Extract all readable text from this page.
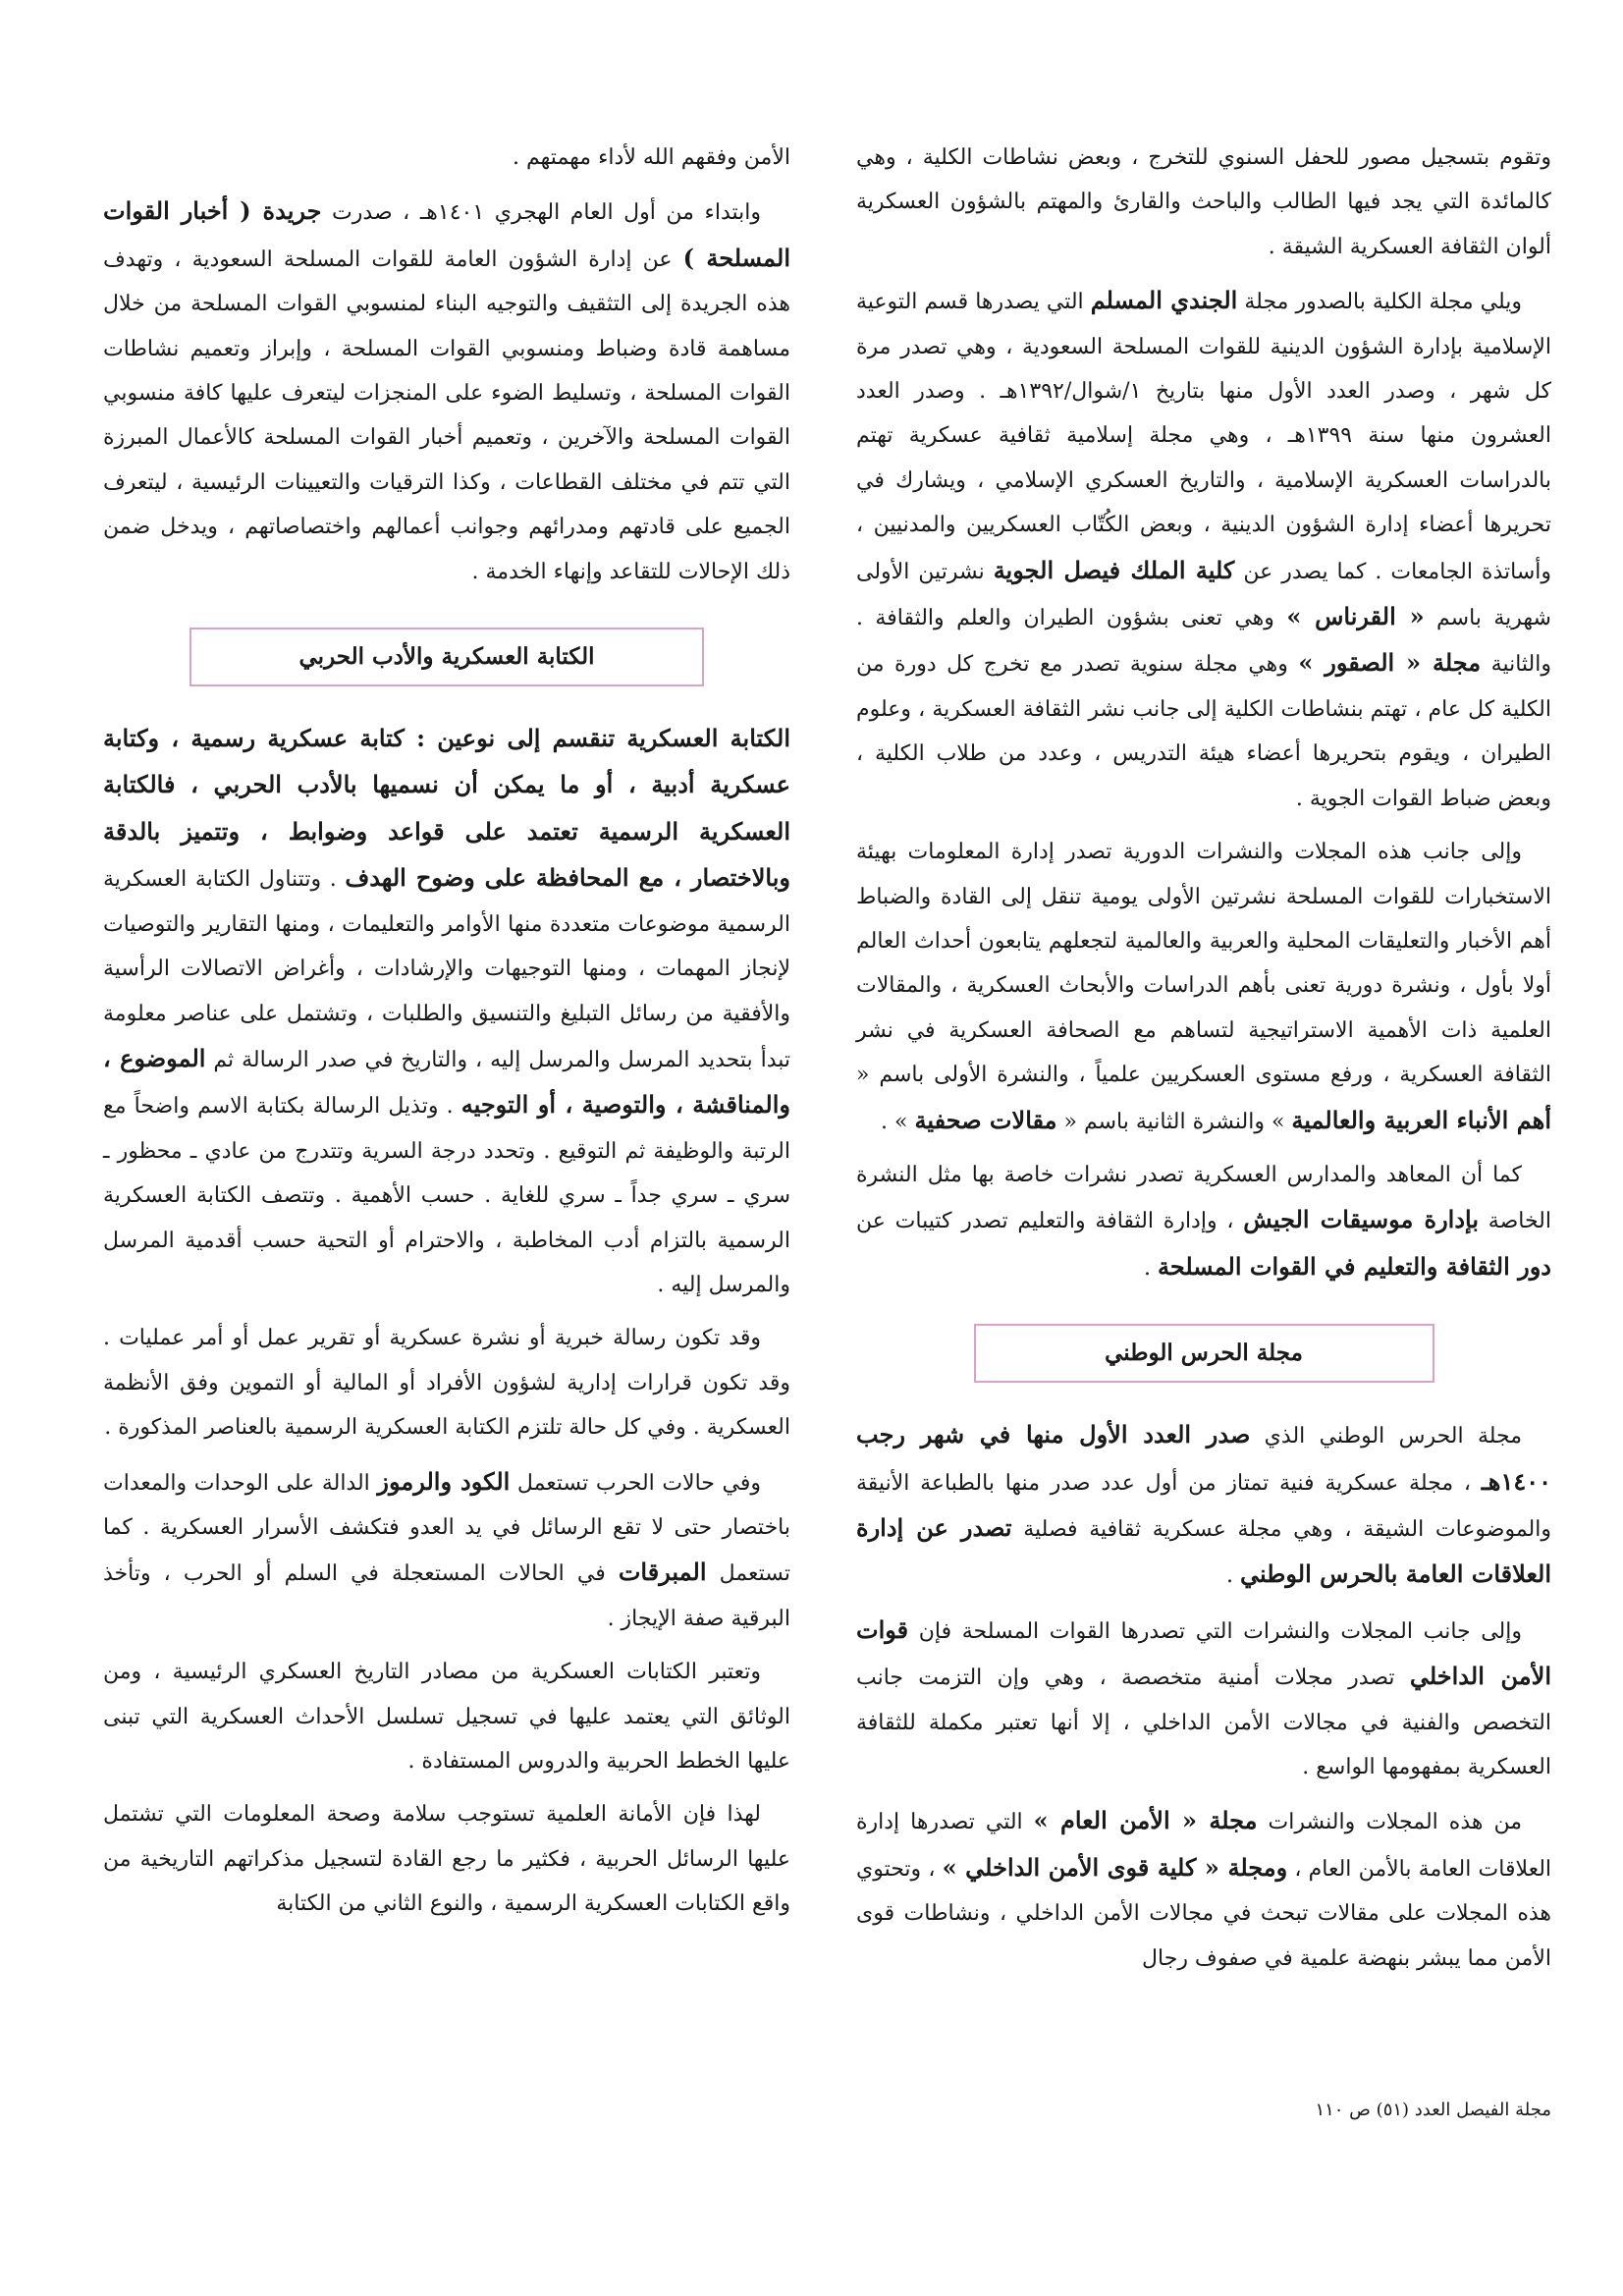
وتقوم بتسجيل مصور للحفل السنوي للتخرج ، وبعض نشاطات الكلية ، وهي كالمائدة التي يجد فيها الطالب والباحث والقارئ والمهتم بالشؤون العسكرية ألوان الثقافة العسكرية الشيقة .

ويلي مجلة الكلية بالصدور مجلة الجندي المسلم التي يصدرها قسم التوعية الإسلامية بإدارة الشؤون الدينية للقوات المسلحة السعودية ، وهي تصدر مرة كل شهر ، وصدر العدد الأول منها بتاريخ ١/شوال/١٣٩٢هـ . وصدر العدد العشرون منها سنة ١٣٩٩هـ ، وهي مجلة إسلامية ثقافية عسكرية تهتم بالدراسات العسكرية الإسلامية ، والتاريخ العسكري الإسلامي ، ويشارك في تحريرها أعضاء إدارة الشؤون الدينية ، وبعض الكُتّاب العسكريين والمدنيين ، وأساتذة الجامعات . كما يصدر عن كلية الملك فيصل الجوية نشرتين الأولى شهرية باسم « القرناس » وهي تعنى بشؤون الطيران والعلم والثقافة . والثانية مجلة « الصقور » وهي مجلة سنوية تصدر مع تخرج كل دورة من الكلية كل عام ، تهتم بنشاطات الكلية إلى جانب نشر الثقافة العسكرية ، وعلوم الطيران ، ويقوم بتحريرها أعضاء هيئة التدريس ، وعدد من طلاب الكلية ، وبعض ضباط القوات الجوية .

وإلى جانب هذه المجلات والنشرات الدورية تصدر إدارة المعلومات بهيئة الاستخبارات للقوات المسلحة نشرتين الأولى يومية تنقل إلى القادة والضباط أهم الأخبار والتعليقات المحلية والعربية والعالمية لتجعلهم يتابعون أحداث العالم أولا بأول ، ونشرة دورية تعنى بأهم الدراسات والأبحاث العسكرية ، والمقالات العلمية ذات الأهمية الاستراتيجية لتساهم مع الصحافة العسكرية في نشر الثقافة العسكرية ، ورفع مستوى العسكريين علمياً ، والنشرة الأولى باسم « أهم الأنباء العربية والعالمية » والنشرة الثانية باسم « مقالات صحفية » .

كما أن المعاهد والمدارس العسكرية تصدر نشرات خاصة بها مثل النشرة الخاصة بإدارة موسيقات الجيش ، وإدارة الثقافة والتعليم تصدر كتيبات عن دور الثقافة والتعليم في القوات المسلحة .

مجلة الحرس الوطني

مجلة الحرس الوطني الذي صدر العدد الأول منها في شهر رجب ١٤٠٠هـ ، مجلة عسكرية فنية تمتاز من أول عدد صدر منها بالطباعة الأنيقة والموضوعات الشيقة ، وهي مجلة عسكرية ثقافية فصلية تصدر عن إدارة العلاقات العامة بالحرس الوطني .

وإلى جانب المجلات والنشرات التي تصدرها القوات المسلحة فإن قوات الأمن الداخلي تصدر مجلات أمنية متخصصة ، وهي وإن التزمت جانب التخصص والفنية في مجالات الأمن الداخلي ، إلا أنها تعتبر مكملة للثقافة العسكرية بمفهومها الواسع .

من هذه المجلات والنشرات مجلة « الأمن العام » التي تصدرها إدارة العلاقات العامة بالأمن العام ، ومجلة « كلية قوى الأمن الداخلي » ، وتحتوي هذه المجلات على مقالات تبحث في مجالات الأمن الداخلي ، ونشاطات قوى الأمن مما يبشر بنهضة علمية في صفوف رجال

الأمن وفقهم الله لأداء مهمتهم .

وابتداء من أول العام الهجري ١٤٠١هـ ، صدرت جريدة ( أخبار القوات المسلحة ) عن إدارة الشؤون العامة للقوات المسلحة السعودية ، وتهدف هذه الجريدة إلى التثقيف والتوجيه البناء لمنسوبي القوات المسلحة من خلال مساهمة قادة وضباط ومنسوبي القوات المسلحة ، وإبراز وتعميم نشاطات القوات المسلحة ، وتسليط الضوء على المنجزات ليتعرف عليها كافة منسوبي القوات المسلحة والآخرين ، وتعميم أخبار القوات المسلحة كالأعمال المبرزة التي تتم في مختلف القطاعات ، وكذا الترقيات والتعيينات الرئيسية ، ليتعرف الجميع على قادتهم ومدرائهم وجوانب أعمالهم واختصاصاتهم ، ويدخل ضمن ذلك الإحالات للتقاعد وإنهاء الخدمة .

الكتابة العسكرية والأدب الحربي

الكتابة العسكرية تنقسم إلى نوعين : كتابة عسكرية رسمية ، وكتابة عسكرية أدبية ، أو ما يمكن أن نسميها بالأدب الحربي ، فالكتابة العسكرية الرسمية تعتمد على قواعد وضوابط ، وتتميز بالدقة وبالاختصار ، مع المحافظة على وضوح الهدف . وتتناول الكتابة العسكرية الرسمية موضوعات متعددة منها الأوامر والتعليمات ، ومنها التقارير والتوصيات لإنجاز المهمات ، ومنها التوجيهات والإرشادات ، وأغراض الاتصالات الرأسية والأفقية من رسائل التبليغ والتنسيق والطلبات ، وتشتمل على عناصر معلومة تبدأ بتحديد المرسل والمرسل إليه ، والتاريخ في صدر الرسالة ثم الموضوع ، والمناقشة ، والتوصية ، أو التوجيه . وتذيل الرسالة بكتابة الاسم واضحاً مع الرتبة والوظيفة ثم التوقيع . وتحدد درجة السرية وتتدرج من عادي ـ محظور ـ سري ـ سري جداً ـ سري للغاية . حسب الأهمية . وتتصف الكتابة العسكرية الرسمية بالتزام أدب المخاطبة ، والاحترام أو التحية حسب أقدمية المرسل والمرسل إليه .

وقد تكون رسالة خبرية أو نشرة عسكرية أو تقرير عمل أو أمر عمليات . وقد تكون قرارات إدارية لشؤون الأفراد أو المالية أو التموين وفق الأنظمة العسكرية . وفي كل حالة تلتزم الكتابة العسكرية الرسمية بالعناصر المذكورة .

وفي حالات الحرب تستعمل الكود والرموز الدالة على الوحدات والمعدات باختصار حتى لا تقع الرسائل في يد العدو فتكشف الأسرار العسكرية . كما تستعمل المبرقات في الحالات المستعجلة في السلم أو الحرب ، وتأخذ البرقية صفة الإيجاز .

وتعتبر الكتابات العسكرية من مصادر التاريخ العسكري الرئيسية ، ومن الوثائق التي يعتمد عليها في تسجيل تسلسل الأحداث العسكرية التي تبنى عليها الخطط الحربية والدروس المستفادة .

لهذا فإن الأمانة العلمية تستوجب سلامة وصحة المعلومات التي تشتمل عليها الرسائل الحربية ، فكثير ما رجع القادة لتسجيل مذكراتهم التاريخية من واقع الكتابات العسكرية الرسمية ، والنوع الثاني من الكتابة

مجلة الفيصل العدد (٥١) ص ١١٠
